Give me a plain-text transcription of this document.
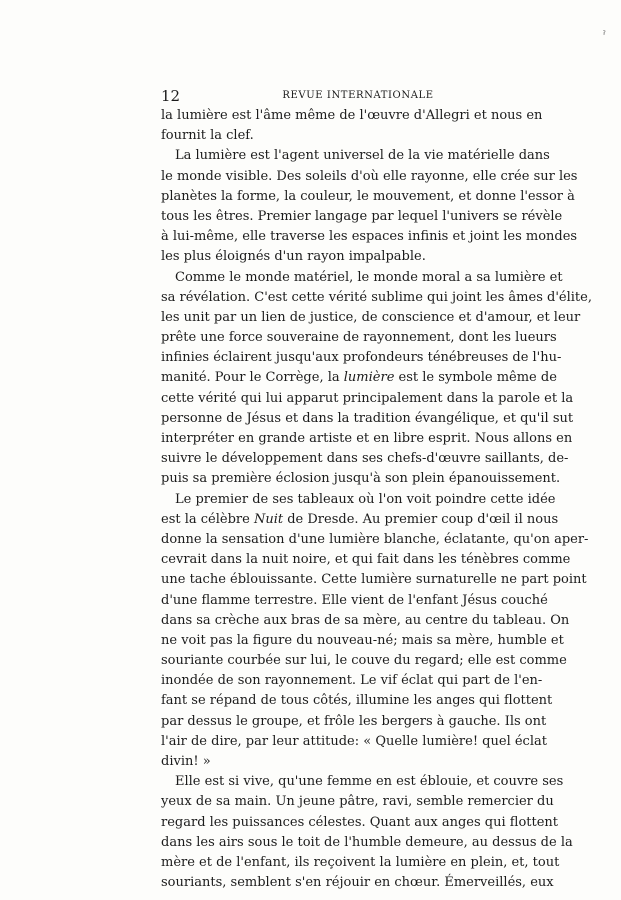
ˀ
12	REVUE INTERNATIONALE
la lumière est l'âme même de l'œuvre d'Allegri et nous en
fournit la clef.
La lumière est l'agent universel de la vie matérielle dans
le monde visible. Des soleils d'où elle rayonne, elle crée sur les
planètes la forme, la couleur, le mouvement, et donne l'essor à
tous les êtres. Premier langage par lequel l'univers se révèle
à lui-même, elle traverse les espaces infinis et joint les mondes
les plus éloignés d'un rayon impalpable.
Comme le monde matériel, le monde moral a sa lumière et
sa révélation. C'est cette vérité sublime qui joint les âmes d'élite,
les unit par un lien de justice, de conscience et d'amour, et leur
prête une force souveraine de rayonnement, dont les lueurs
infinies éclairent jusqu'aux profondeurs ténébreuses de l'hu-
manité. Pour le Corrège, la lumière est le symbole même de
cette vérité qui lui apparut principalement dans la parole et la
personne de Jésus et dans la tradition évangélique, et qu'il sut
interpréter en grande artiste et en libre esprit. Nous allons en
suivre le développement dans ses chefs-d'œuvre saillants, de-
puis sa première éclosion jusqu'à son plein épanouissement.
Le premier de ses tableaux où l'on voit poindre cette idée
est la célèbre Nuit de Dresde. Au premier coup d'œil il nous
donne la sensation d'une lumière blanche, éclatante, qu'on aper-
cevrait dans la nuit noire, et qui fait dans les ténèbres comme
une tache éblouissante. Cette lumière surnaturelle ne part point
d'une flamme terrestre. Elle vient de l'enfant Jésus couché
dans sa crèche aux bras de sa mère, au centre du tableau. On
ne voit pas la figure du nouveau-né; mais sa mère, humble et
souriante courbée sur lui, le couve du regard; elle est comme
inondée de son rayonnement. Le vif éclat qui part de l'en-
fant se répand de tous côtés, illumine les anges qui flottent
par dessus le groupe, et frôle les bergers à gauche. Ils ont
l'air de dire, par leur attitude: « Quelle lumière! quel éclat
divin! »
Elle est si vive, qu'une femme en est éblouie, et couvre ses
yeux de sa main. Un jeune pâtre, ravi, semble remercier du
regard les puissances célestes. Quant aux anges qui flottent
dans les airs sous le toit de l'humble demeure, au dessus de la
mère et de l'enfant, ils reçoivent la lumière en plein, et, tout
souriants, semblent s'en réjouir en chœur. Émerveillés, eux
